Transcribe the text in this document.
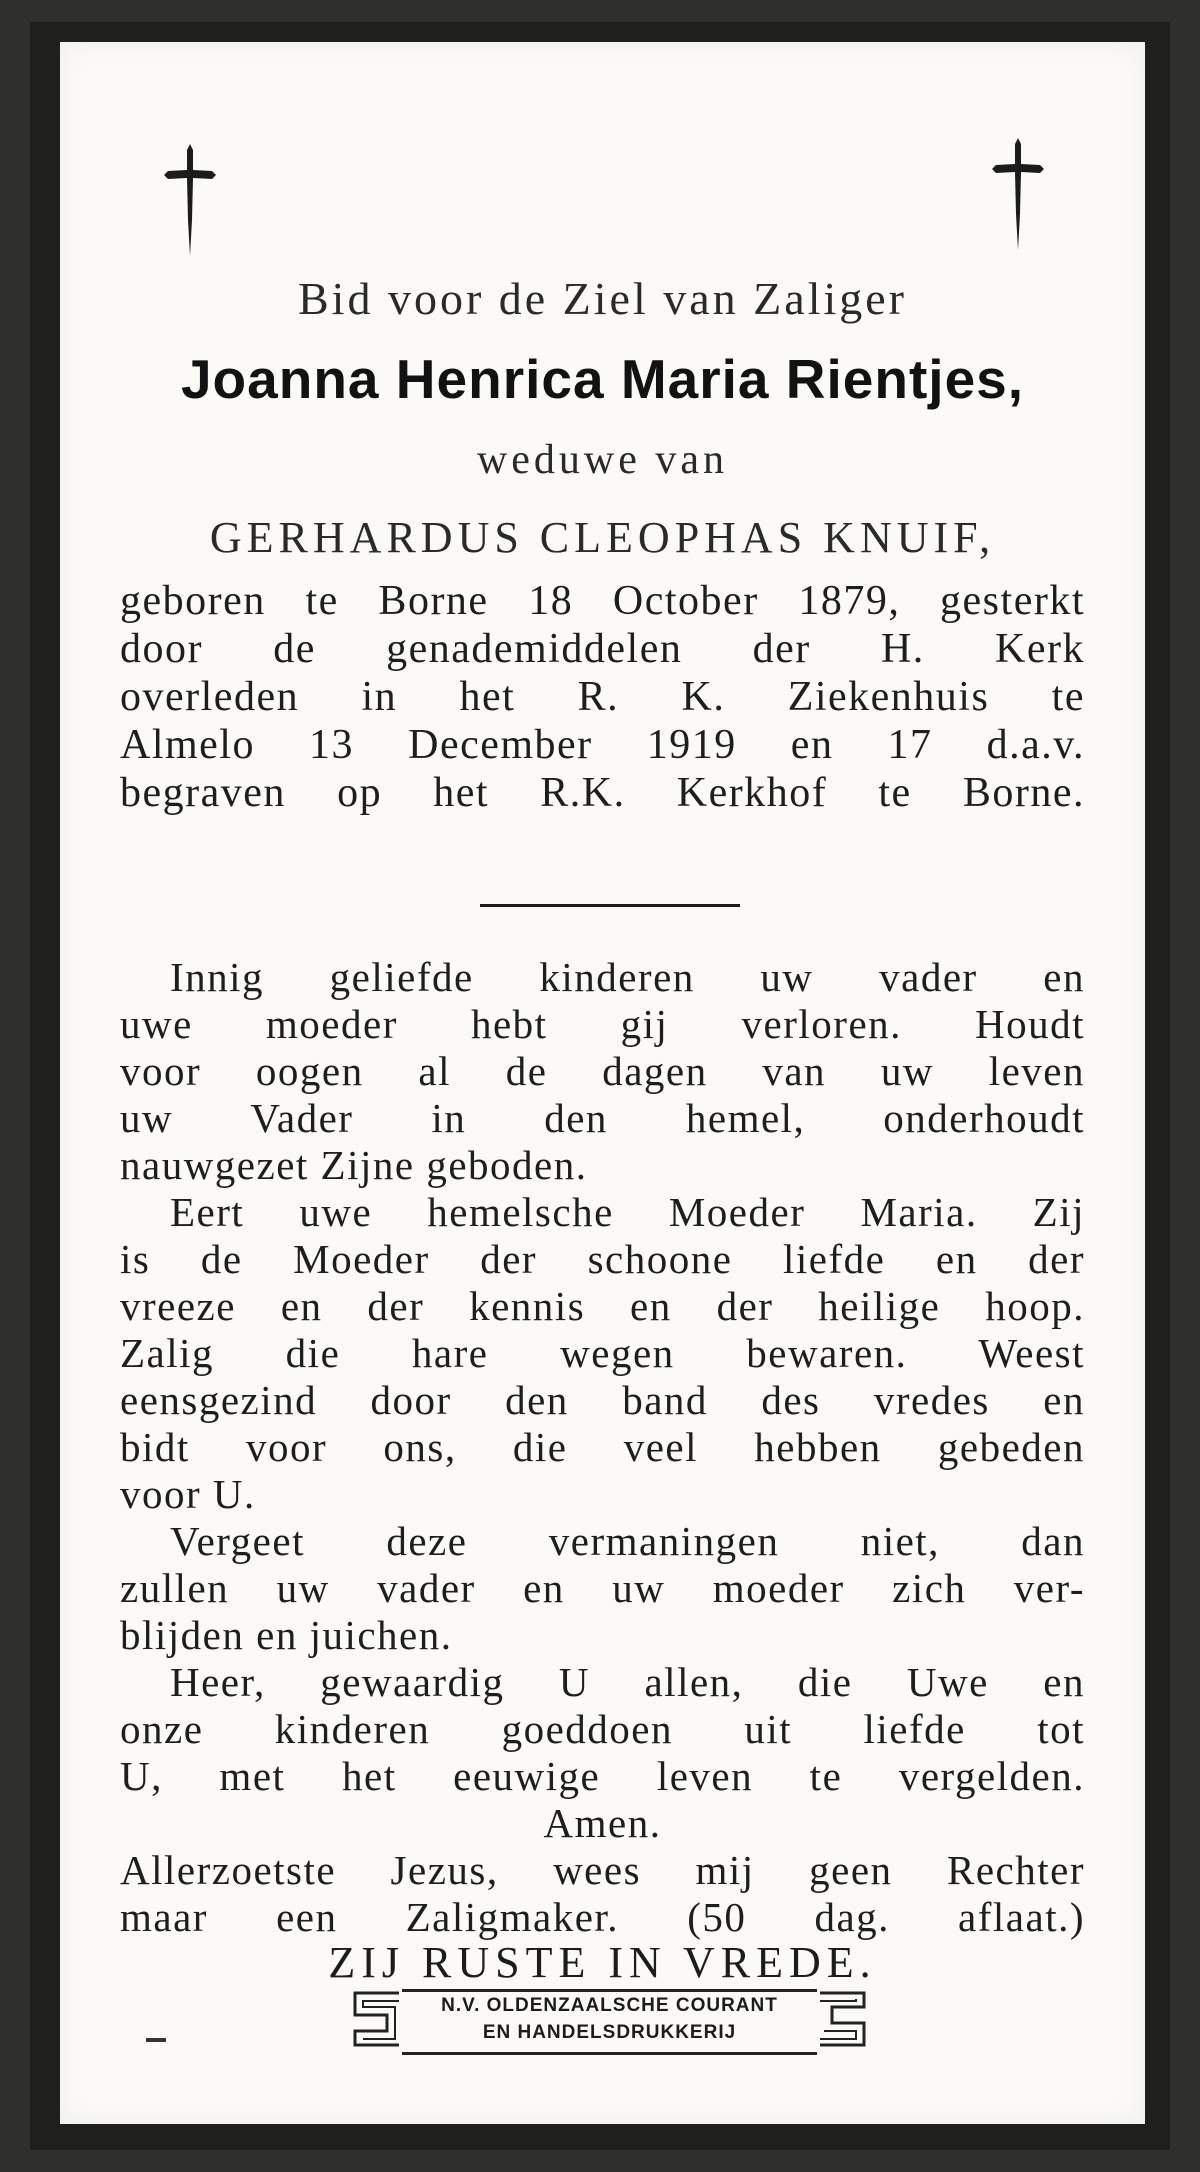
Bid voor de Ziel van Zaliger
Joanna Henrica Maria Rientjes,
weduwe van
GERHARDUS CLEOPHAS KNUIF,
geboren te Borne 18 October 1879, gesterkt
door de genademiddelen der H. Kerk
overleden in het R. K. Ziekenhuis te
Almelo 13 December 1919 en 17 d.a.v.
begraven op het R.K. Kerkhof te Borne.
Innig geliefde kinderen uw vader en
uwe moeder hebt gij verloren. Houdt
voor oogen al de dagen van uw leven
uw Vader in den hemel, onderhoudt
nauwgezet Zijne geboden.
Eert uwe hemelsche Moeder Maria. Zij
is de Moeder der schoone liefde en der
vreeze en der kennis en der heilige hoop.
Zalig die hare wegen bewaren. Weest
eensgezind door den band des vredes en
bidt voor ons, die veel hebben gebeden
voor U.
Vergeet deze vermaningen niet, dan
zullen uw vader en uw moeder zich ver-
blijden en juichen.
Heer, gewaardig U allen, die Uwe en
onze kinderen goeddoen uit liefde tot
U, met het eeuwige leven te vergelden.
Amen.
Allerzoetste Jezus, wees mij geen Rechter
maar een Zaligmaker. (50 dag. aflaat.)
ZIJ RUSTE IN VREDE.
N.V. OLDENZAALSCHE COURANT
EN HANDELSDRUKKERIJ
